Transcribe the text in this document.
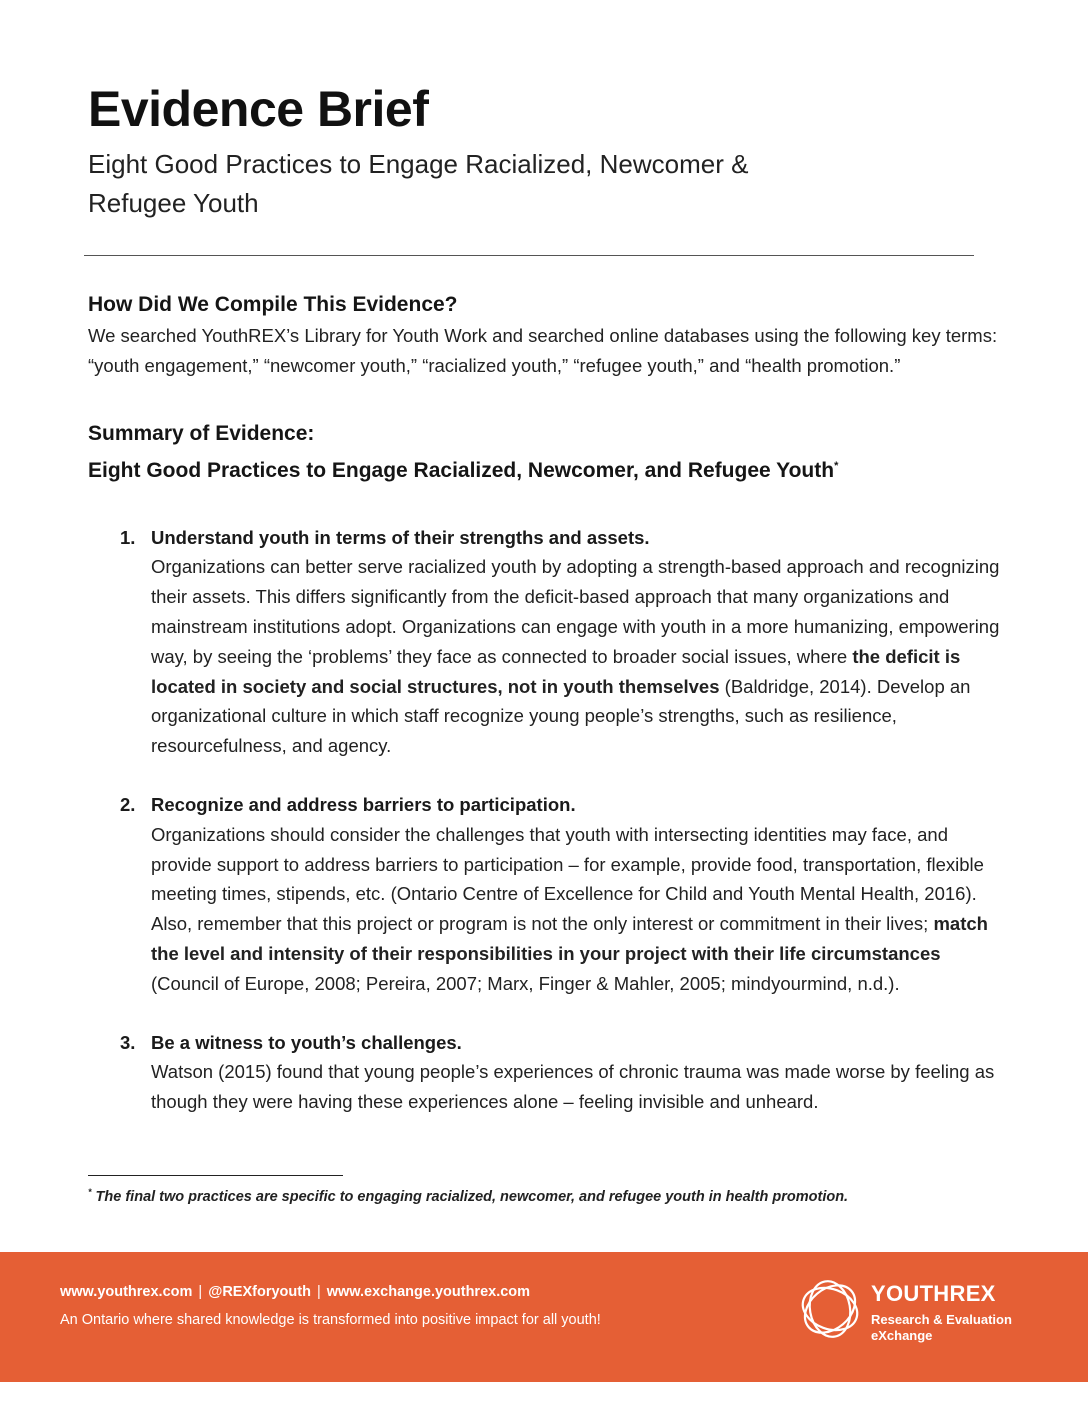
Evidence Brief

Eight Good Practices to Engage Racialized, Newcomer & Refugee Youth

How Did We Compile This Evidence?

We searched YouthREX’s Library for Youth Work and searched online databases using the following key terms: “youth engagement,” “newcomer youth,” “racialized youth,” “refugee youth,” and “health promotion.”

Summary of Evidence:
Eight Good Practices to Engage Racialized, Newcomer, and Refugee Youth*
1. Understand youth in terms of their strengths and assets.

Organizations can better serve racialized youth by adopting a strength-based approach and recognizing their assets. This differs significantly from the deficit-based approach that many organizations and mainstream institutions adopt. Organizations can engage with youth in a more humanizing, empowering way, by seeing the ‘problems’ they face as connected to broader social issues, where the deficit is located in society and social structures, not in youth themselves (Baldridge, 2014). Develop an organizational culture in which staff recognize young people’s strengths, such as resilience, resourcefulness, and agency.

2. Recognize and address barriers to participation.

Organizations should consider the challenges that youth with intersecting identities may face, and provide support to address barriers to participation – for example, provide food, transportation, flexible meeting times, stipends, etc. (Ontario Centre of Excellence for Child and Youth Mental Health, 2016). Also, remember that this project or program is not the only interest or commitment in their lives; match the level and intensity of their responsibilities in your project with their life circumstances (Council of Europe, 2008; Pereira, 2007; Marx, Finger & Mahler, 2005; mindyourmind, n.d.).

3. Be a witness to youth’s challenges.

Watson (2015) found that young people’s experiences of chronic trauma was made worse by feeling as though they were having these experiences alone – feeling invisible and unheard.

* The final two practices are specific to engaging racialized, newcomer, and refugee youth in health promotion.
www.youthrex.com | @REXforyouth | www.exchange.youthrex.com
An Ontario where shared knowledge is transformed into positive impact for all youth!
YOUTHREX
Research & Evaluation eXchange
